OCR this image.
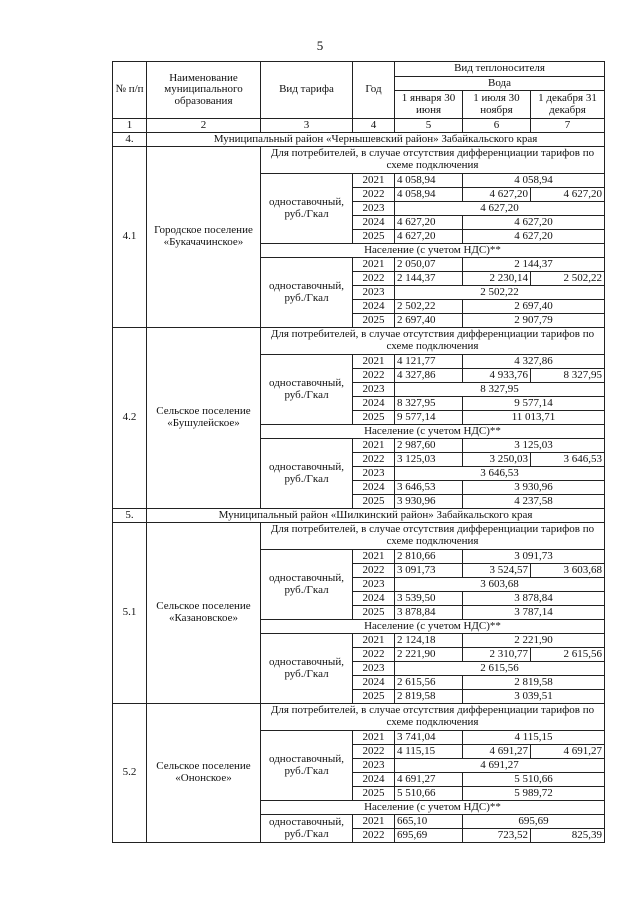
5
№ п/п	Наименование муниципального образования	Вид тарифа	Год	Вид теплоносителя		
				Вода		
				1 января 30 июня	1 июля 30 ноября	1 декабря 31 декабря
1	2	3	4	5	6	7
4.	Муниципальный район «Чернышевский район» Забайкальского края					
4.1	Городское поселение «Букачачинское»	Для потребителей, в случае отсутствия дифференциации тарифов по схеме подключения				
		одноставочный, руб./Гкал	2021	4 058,94	4 058,94	
			2022	4 058,94	4 627,20	4 627,20
			2023	4 627,20		
			2024	4 627,20	4 627,20	
			2025	4 627,20	4 627,20	
		Население (с учетом НДС)**				
		одноставочный, руб./Гкал	2021	2 050,07	2 144,37	
			2022	2 144,37	2 230,14	2 502,22
			2023	2 502,22		
			2024	2 502,22	2 697,40	
			2025	2 697,40	2 907,79	
4.2	Сельское поселение «Бушулейское»	Для потребителей, в случае отсутствия дифференциации тарифов по схеме подключения				
		одноставочный, руб./Гкал	2021	4 121,77	4 327,86	
			2022	4 327,86	4 933,76	8 327,95
			2023	8 327,95		
			2024	8 327,95	9 577,14	
			2025	9 577,14	11 013,71	
		Население (с учетом НДС)**				
		одноставочный, руб./Гкал	2021	2 987,60	3 125,03	
			2022	3 125,03	3 250,03	3 646,53
			2023	3 646,53		
			2024	3 646,53	3 930,96	
			2025	3 930,96	4 237,58	
5.	Муниципальный район «Шилкинский район» Забайкальского края					
5.1	Сельское поселение «Казановское»	Для потребителей, в случае отсутствия дифференциации тарифов по схеме подключения				
		одноставочный, руб./Гкал	2021	2 810,66	3 091,73	
			2022	3 091,73	3 524,57	3 603,68
			2023	3 603,68		
			2024	3 539,50	3 878,84	
			2025	3 878,84	3 787,14	
		Население (с учетом НДС)**				
		одноставочный, руб./Гкал	2021	2 124,18	2 221,90	
			2022	2 221,90	2 310,77	2 615,56
			2023	2 615,56		
			2024	2 615,56	2 819,58	
			2025	2 819,58	3 039,51	
5.2	Сельское поселение «Ононское»	Для потребителей, в случае отсутствия дифференциации тарифов по схеме подключения				
		одноставочный, руб./Гкал	2021	3 741,04	4 115,15	
			2022	4 115,15	4 691,27	4 691,27
			2023	4 691,27		
			2024	4 691,27	5 510,66	
			2025	5 510,66	5 989,72	
		Население (с учетом НДС)**				
		одноставочный, руб./Гкал	2021	665,10	695,69	
			2022	695,69	723,52	825,39
